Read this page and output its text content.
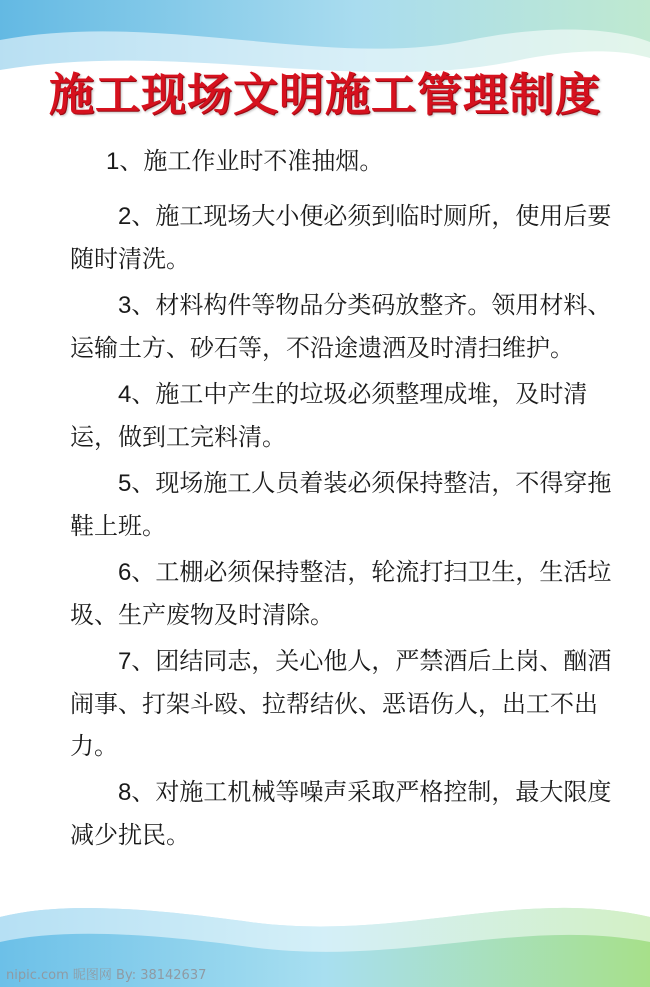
施工现场文明施工管理制度

1、施工作业时不准抽烟。

2、施工现场大小便必须到临时厕所，使用后要随时清洗。

3、材料构件等物品分类码放整齐。领用材料、运输土方、砂石等，不沿途遗洒及时清扫维护。

4、施工中产生的垃圾必须整理成堆，及时清运，做到工完料清。

5、现场施工人员着装必须保持整洁，不得穿拖鞋上班。

6、工棚必须保持整洁，轮流打扫卫生，生活垃圾、生产废物及时清除。

7、团结同志，关心他人，严禁酒后上岗、酗酒闹事、打架斗殴、拉帮结伙、恶语伤人，出工不出力。

8、对施工机械等噪声采取严格控制，最大限度减少扰民。

nipic.com 昵图网 By: 38142637
